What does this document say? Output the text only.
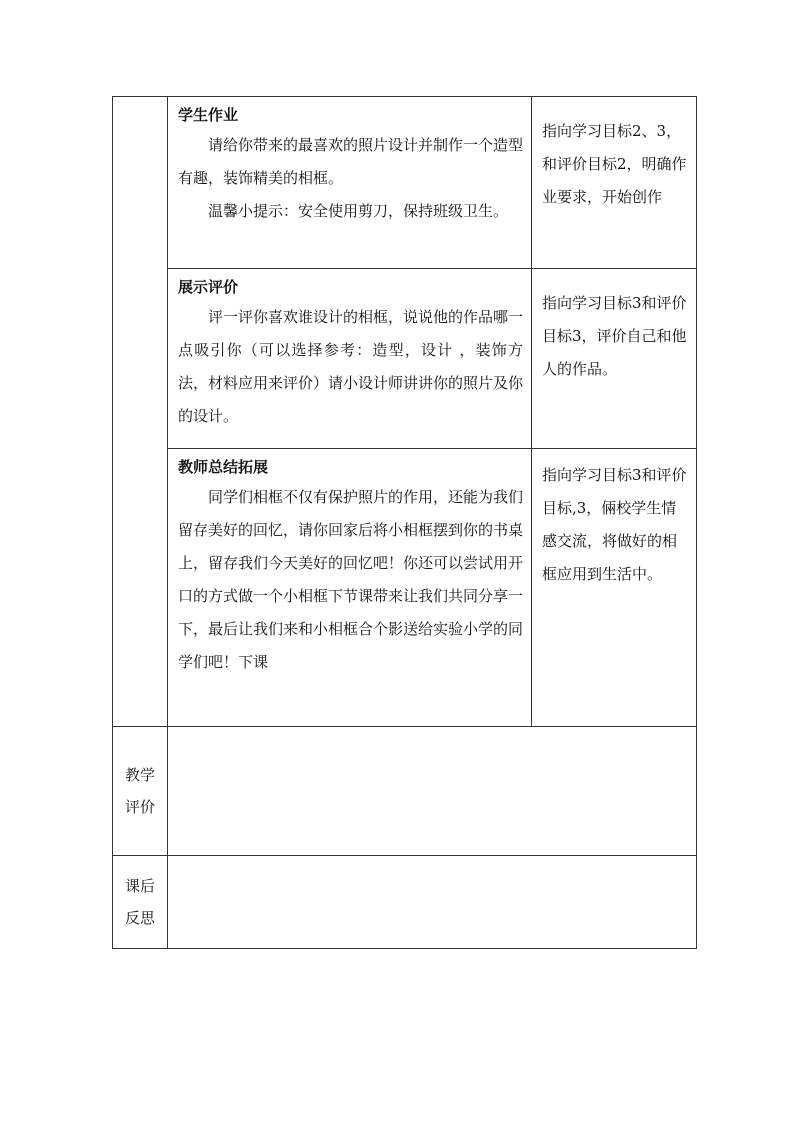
	学生作业

请给你带来的最喜欢的照片设计并制作一个造型有趣，装饰精美的相框。

温馨小提示：安全使用剪刀，保持班级卫生。	指向学习目标2、3，和评价目标2，明确作业要求，开始创作

	展示评价

评一评你喜欢谁设计的相框，说说他的作品哪一点吸引你（可以选择参考：造型，设计 ，装饰方法，材料应用来评价）请小设计师讲讲你的照片及你的设计。	指向学习目标3和评价目标3，评价自己和他人的作品。

	教师总结拓展

同学们相框不仅有保护照片的作用，还能为我们留存美好的回忆，请你回家后将小相框摆到你的书桌上，留存我们今天美好的回忆吧！你还可以尝试用开口的方式做一个小相框下节课带来让我们共同分享一下，最后让我们来和小相框合个影送给实验小学的同学们吧！下课	指向学习目标3和评价目标,3，倆校学生情感交流，将做好的相框应用到生活中。

教学
评价		

课后
反思		
